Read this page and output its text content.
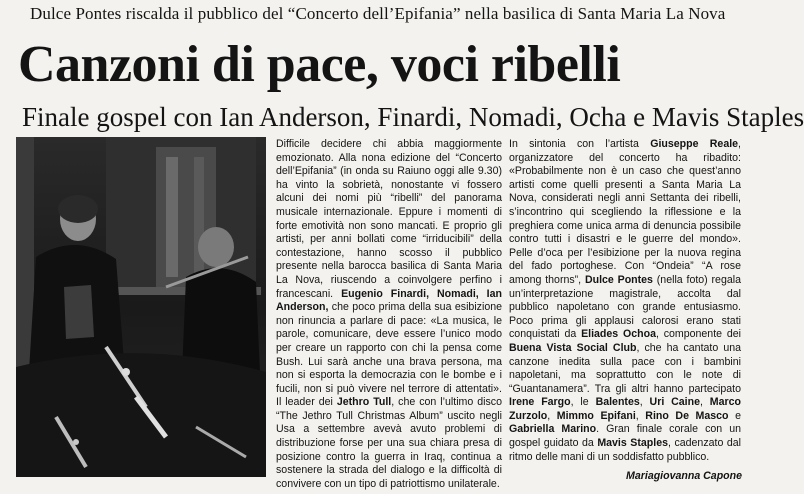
Dulce Pontes riscalda il pubblico del “Concerto dell’Epifania” nella basilica di Santa Maria La Nova
Canzoni di pace, voci ribelli
Finale gospel con Ian Anderson, Finardi, Nomadi, Ocha e Mavis Staples

Difficile decidere chi abbia maggiormente emozionato. Alla nona edizione del “Concerto dell’Epifania” (in onda su Raiuno oggi alle 9.30) ha vinto la sobrietà, nonostante vi fossero alcuni dei nomi più “ribelli” del panorama musicale internazionale. Eppure i momenti di forte emotività non sono mancati. E proprio gli artisti, per anni bollati come “irriducibili” della contestazione, hanno scosso il pubblico presente nella barocca basilica di Santa Maria La Nova, riuscendo a coinvolgere perfino i francescani. Eugenio Finardi, Nomadi, Ian Anderson, che poco prima della sua esibizione non rinuncia a parlare di pace: «La musica, le parole, comunicare, deve essere l’unico modo per creare un rapporto con chi la pensa come Bush. Lui sarà anche una brava persona, ma non si esporta la democrazia con le bombe e i fucili, non si può vivere nel terrore di attentati». Il leader dei Jethro Tull, che con l’ultimo disco “The Jethro Tull Christmas Album” uscito negli Usa a settembre avevà avuto problemi di distribuzione forse per una sua chiara presa di posizione contro la guerra in Iraq, continua a sostenere la strada del dialogo e la difficoltà di convivere con un tipo di patriottismo unilaterale.

In sintonia con l’artista Giuseppe Reale, organizzatore del concerto ha ribadito: «Probabilmente non è un caso che quest’anno artisti come quelli presenti a Santa Maria La Nova, considerati negli anni Settanta dei ribelli, s’incontrino qui scegliendo la riflessione e la preghiera come unica arma di denuncia possibile contro tutti i disastri e le guerre del mondo». Pelle d’oca per l’esibizione per la nuova regina del fado portoghese. Con “Ondeia” “A rose among thorns”, Dulce Pontes (nella foto) regala un’interpretazione magistrale, accolta dal pubblico napoletano con grande entusiasmo. Poco prima gli applausi calorosi erano stati conquistati da Eliades Ochoa, componente dei Buena Vista Social Club, che ha cantato una canzone inedita sulla pace con i bambini napoletani, ma soprattutto con le note di “Guantanamera”. Tra gli altri hanno partecipato Irene Fargo, le Balentes, Uri Caine, Marco Zurzolo, Mimmo Epifani, Rino De Masco e Gabriella Marino. Gran finale corale con un gospel guidato da Mavis Staples, cadenzato dal ritmo delle mani di un soddisfatto pubblico.

Mariagiovanna Capone
